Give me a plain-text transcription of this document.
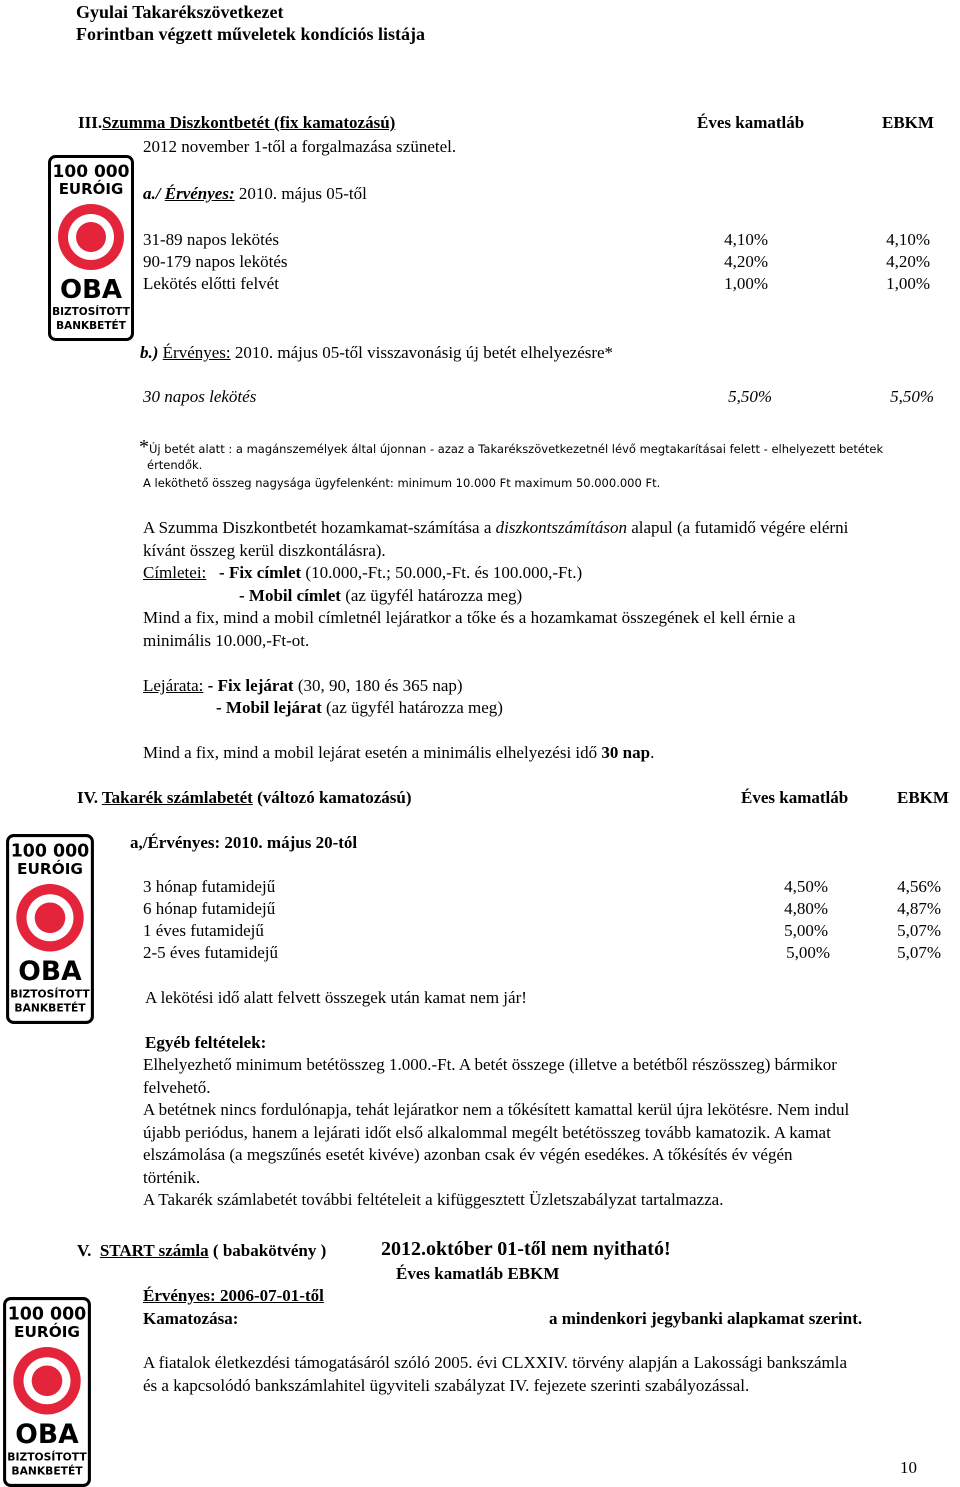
Gyulai Takarékszövetkezet
Forintban végzett műveletek kondíciós listája
III.Szumma Diszkontbetét (fix kamatozású)	Éves kamatláb	EBKM
2012 november 1-től a forgalmazása szünetel.
100 000
EURÓIG
OBA
BIZTOSÍTOTT
BANKBETÉT
a./ Érvényes: 2010. május 05-től
31-89 napos lekötés	4,10%	4,10%
90-179 napos lekötés	4,20%	4,20%
Lekötés előtti felvét	1,00%	1,00%
b.) Érvényes: 2010. május 05-től visszavonásig új betét elhelyezésre*
30 napos lekötés	5,50%	5,50%
*Új betét alatt : a magánszemélyek által újonnan - azaz a Takarékszövetkezetnél lévő megtakarításai felett - elhelyezett betétek
értendők.
A leköthető összeg nagysága ügyfelenként: minimum 10.000 Ft maximum 50.000.000 Ft.
A Szumma Diszkontbetét hozamkamat-számítása a diszkontszámításon alapul (a futamidő végére elérni
kívánt összeg kerül diszkontálásra).
Címletei: - Fix címlet (10.000,-Ft.; 50.000,-Ft. és 100.000,-Ft.)
- Mobil címlet (az ügyfél határozza meg)
Mind a fix, mind a mobil címletnél lejáratkor a tőke és a hozamkamat összegének el kell érnie a
minimális 10.000,-Ft-ot.
Lejárata: - Fix lejárat (30, 90, 180 és 365 nap)
- Mobil lejárat (az ügyfél határozza meg)
Mind a fix, mind a mobil lejárat esetén a minimális elhelyezési idő 30 nap.
IV. Takarék számlabetét (változó kamatozású)	Éves kamatláb	EBKM
100 000
EURÓIG
OBA
BIZTOSÍTOTT
BANKBETÉT
a,/Érvényes: 2010. május 20-tól
3 hónap futamidejű	4,50%	4,56%
6 hónap futamidejű	4,80%	4,87%
1 éves futamidejű	5,00%	5,07%
2-5 éves futamidejű	5,00%	5,07%
A lekötési idő alatt felvett összegek után kamat nem jár!
Egyéb feltételek:
Elhelyezhető minimum betétösszeg 1.000.-Ft. A betét összege (illetve a betétből részösszeg) bármikor
felvehető.
A betétnek nincs fordulónapja, tehát lejáratkor nem a tőkésített kamattal kerül újra lekötésre. Nem indul
újabb periódus, hanem a lejárati időt első alkalommal megélt betétösszeg tovább kamatozik. A kamat
elszámolása (a megszűnés esetét kivéve) azonban csak év végén esedékes. A tőkésítés év végén
történik.
A Takarék számlabetét további feltételeit a kifüggesztett Üzletszabályzat tartalmazza.
V. START számla ( babakötvény )	2012.október 01-től nem nyitható!
Éves kamatláb EBKM
100 000
EURÓIG
OBA
BIZTOSÍTOTT
BANKBETÉT
Érvényes: 2006-07-01-től
Kamatozása:	a mindenkori jegybanki alapkamat szerint.
A fiatalok életkezdési támogatásáról szóló 2005. évi CLXXIV. törvény alapján a Lakossági bankszámla
és a kapcsolódó bankszámlahitel ügyviteli szabályzat IV. fejezete szerinti szabályozással.
10
